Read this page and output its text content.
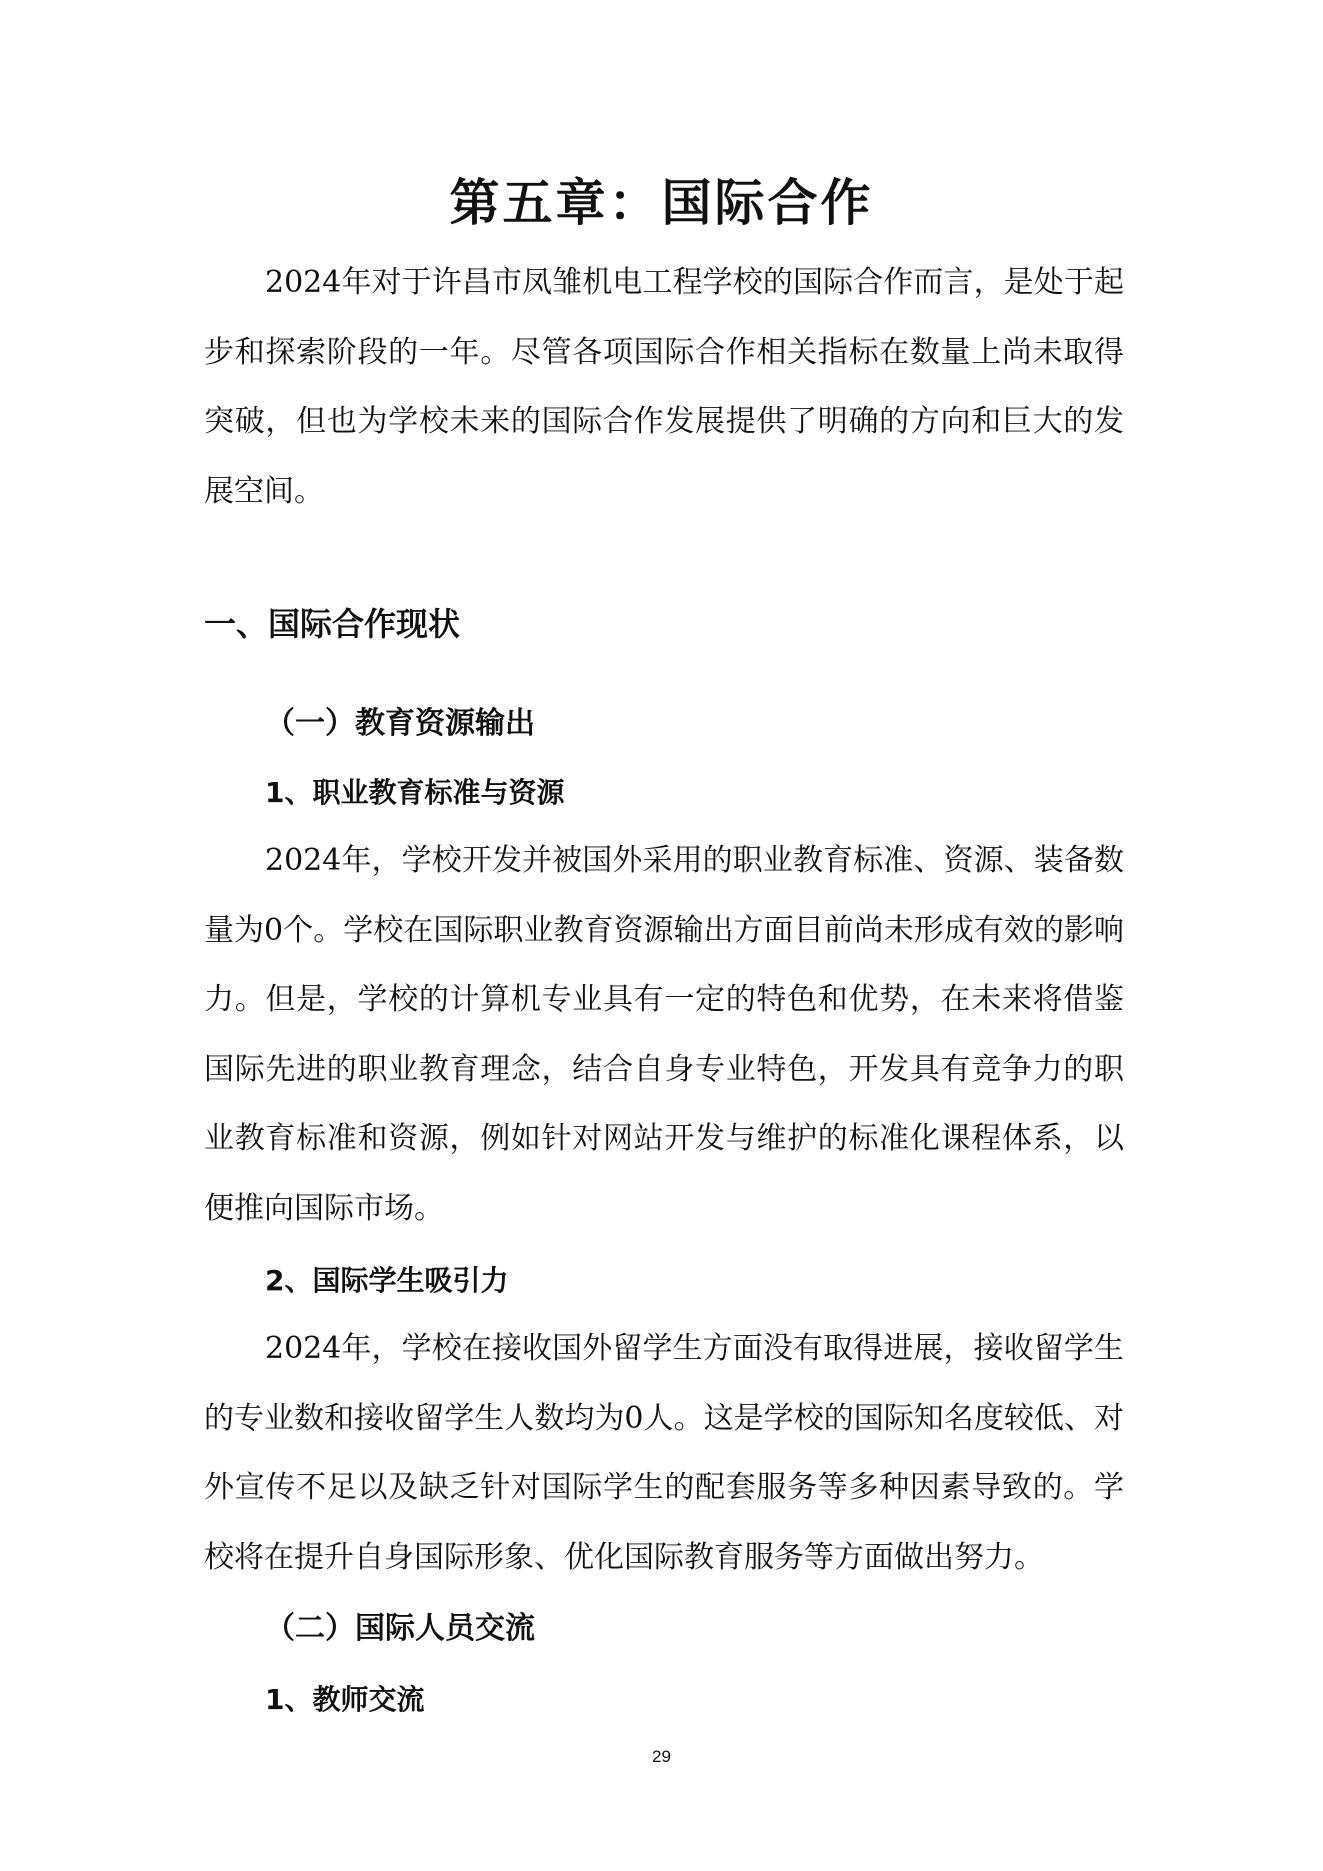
第五章：国际合作

2024年对于许昌市凤雏机电工程学校的国际合作而言，是处于起步和探索阶段的一年。尽管各项国际合作相关指标在数量上尚未取得突破，但也为学校未来的国际合作发展提供了明确的方向和巨大的发展空间。

一、国际合作现状
（一）教育资源输出
1、职业教育标准与资源

2024年，学校开发并被国外采用的职业教育标准、资源、装备数量为0个。学校在国际职业教育资源输出方面目前尚未形成有效的影响力。但是，学校的计算机专业具有一定的特色和优势，在未来将借鉴国际先进的职业教育理念，结合自身专业特色，开发具有竞争力的职业教育标准和资源，例如针对网站开发与维护的标准化课程体系，以便推向国际市场。

2、国际学生吸引力

2024年，学校在接收国外留学生方面没有取得进展，接收留学生的专业数和接收留学生人数均为0人。这是学校的国际知名度较低、对外宣传不足以及缺乏针对国际学生的配套服务等多种因素导致的。学校将在提升自身国际形象、优化国际教育服务等方面做出努力。

（二）国际人员交流
1、教师交流
29
